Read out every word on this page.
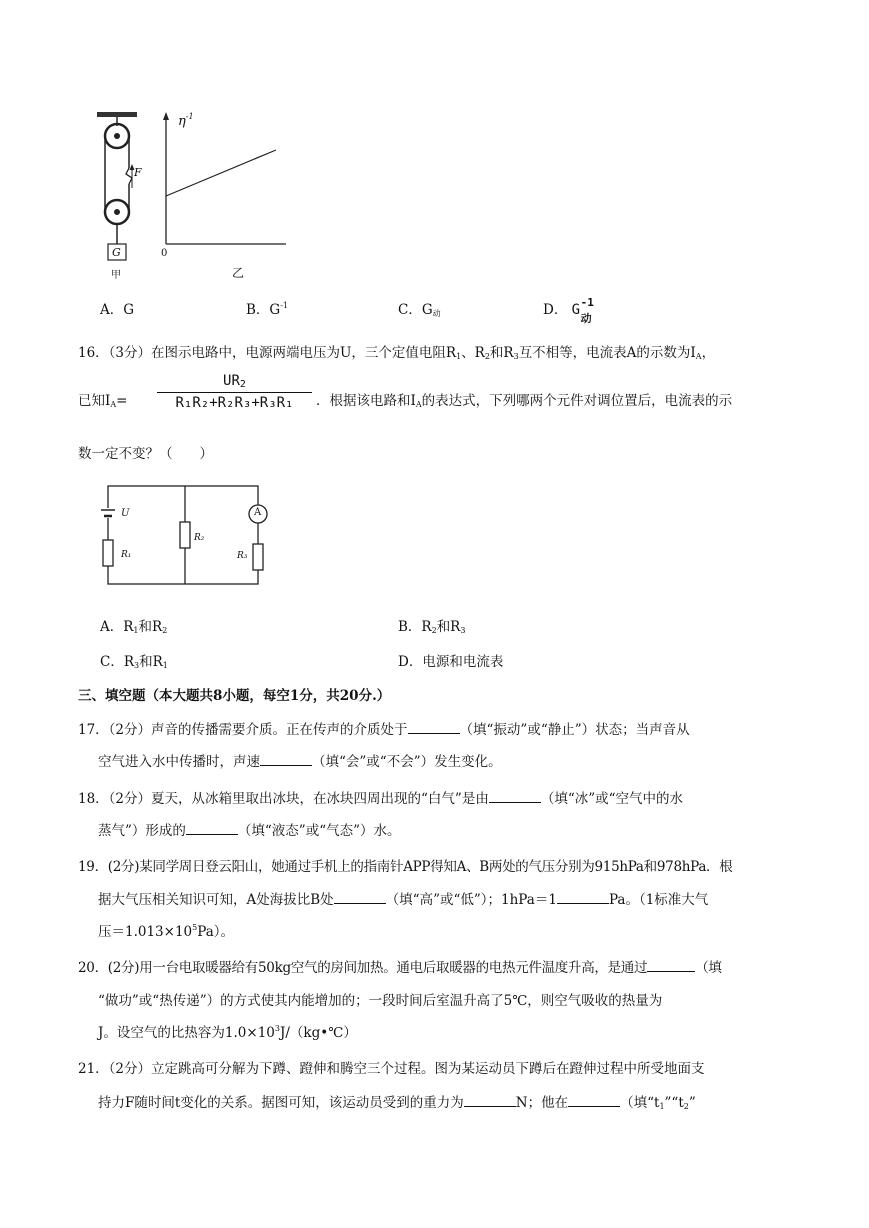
F
G
甲
$\eta^{-1}$
0
乙
A．G	B．$G^{-1}$	C．$G_动$	D． G -1
动
16．（3分）在图示电路中，电源两端电压为U，三个定值电阻$R_1$、$R_2$和$R_3$互不相等，电流表A的示数为$I_A$，
已知$I_A=$
$UR_2$
R₁R₂+R₂R₃+R₃R₁	．根据该电路和$I_A$的表达式，下列哪两个元件对调位置后，电流表的示
数一定不变？（　　）
U
R₁
R₂
R₃
A
A．$R_1$和$R_2$	B．$R_2$和$R_3$
C．$R_3$和$R_1$	D．电源和电流表
三、填空题（本大题共8小题，每空1分，共20分.）
17．（2分）声音的传播需要介质。正在传声的介质处于	（填“振动”或“静止”）状态；当声音从
空气进入水中传播时，声速	（填“会”或“不会”）发生变化。
18．（2分）夏天，从冰箱里取出冰块，在冰块四周出现的“白气”是由	（填“冰”或“空气中的水
蒸气”）形成的	（填“液态”或“气态”）水。
19．(2分)某同学周日登云阳山，她通过手机上的指南针APP得知A、B两处的气压分别为915hPa和978hPa．根
据大气压相关知识可知，A处海拔比B处	（填“高”或“低”）；1hPa＝1	Pa。（1标准大气
压$=1.013\times 10^5Pa$）。
20．(2分)用一台电取暖器给有50kg空气的房间加热。通电后取暖器的电热元件温度升高，是通过	（填
“做功”或“热传递”）的方式使其内能增加的；一段时间后室温升高了5℃，则空气吸收的热量为
J。设空气的比热容为$1.0\times 10^3J/(kg•℃)$
21．（2分）立定跳高可分解为下蹲、蹬伸和腾空三个过程。图为某运动员下蹲后在蹬伸过程中所受地面支
持力F随时间t变化的关系。据图可知，该运动员受到的重力为	N；他在	（填“$t_1”“t_2$”
